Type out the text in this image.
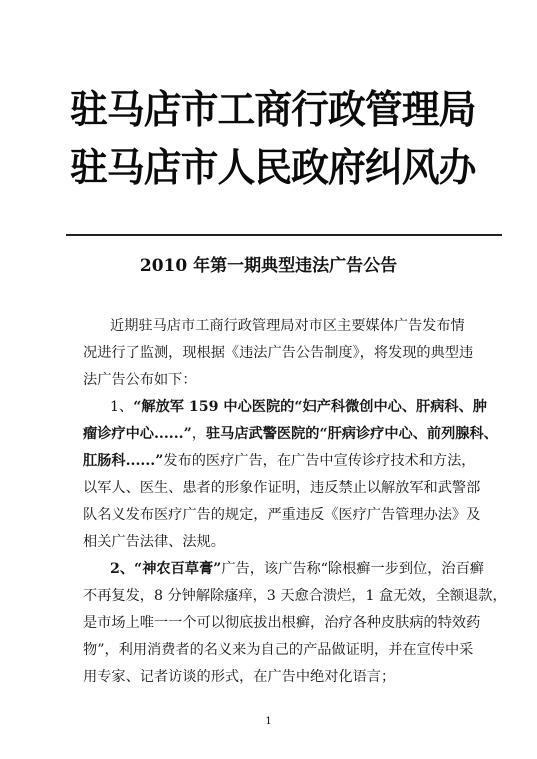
驻马店市工商行政管理局
驻马店市人民政府纠风办
2010 年第一期典型违法广告公告
近期驻马店市工商行政管理局对市区主要媒体广告发布情
况进行了监测，现根据《违法广告公告制度》，将发现的典型违
法广告公布如下：
1、“解放军 159 中心医院的“妇产科微创中心、肝病科、肿
瘤诊疗中心......”，驻马店武警医院的“肝病诊疗中心、前列腺科、
肛肠科......”发布的医疗广告，在广告中宣传诊疗技术和方法，
以军人、医生、患者的形象作证明，违反禁止以解放军和武警部
队名义发布医疗广告的规定，严重违反《医疗广告管理办法》及
相关广告法律、法规。
2、“神农百草膏”广告，该广告称“除根癣一步到位，治百癣
不再复发，8 分钟解除瘙痒，3 天愈合溃烂，1 盒无效，全额退款，
是市场上唯一一个可以彻底拔出根癣，治疗各种皮肤病的特效药
物”，利用消费者的名义来为自己的产品做证明，并在宣传中采
用专家、记者访谈的形式，在广告中绝对化语言；
1
